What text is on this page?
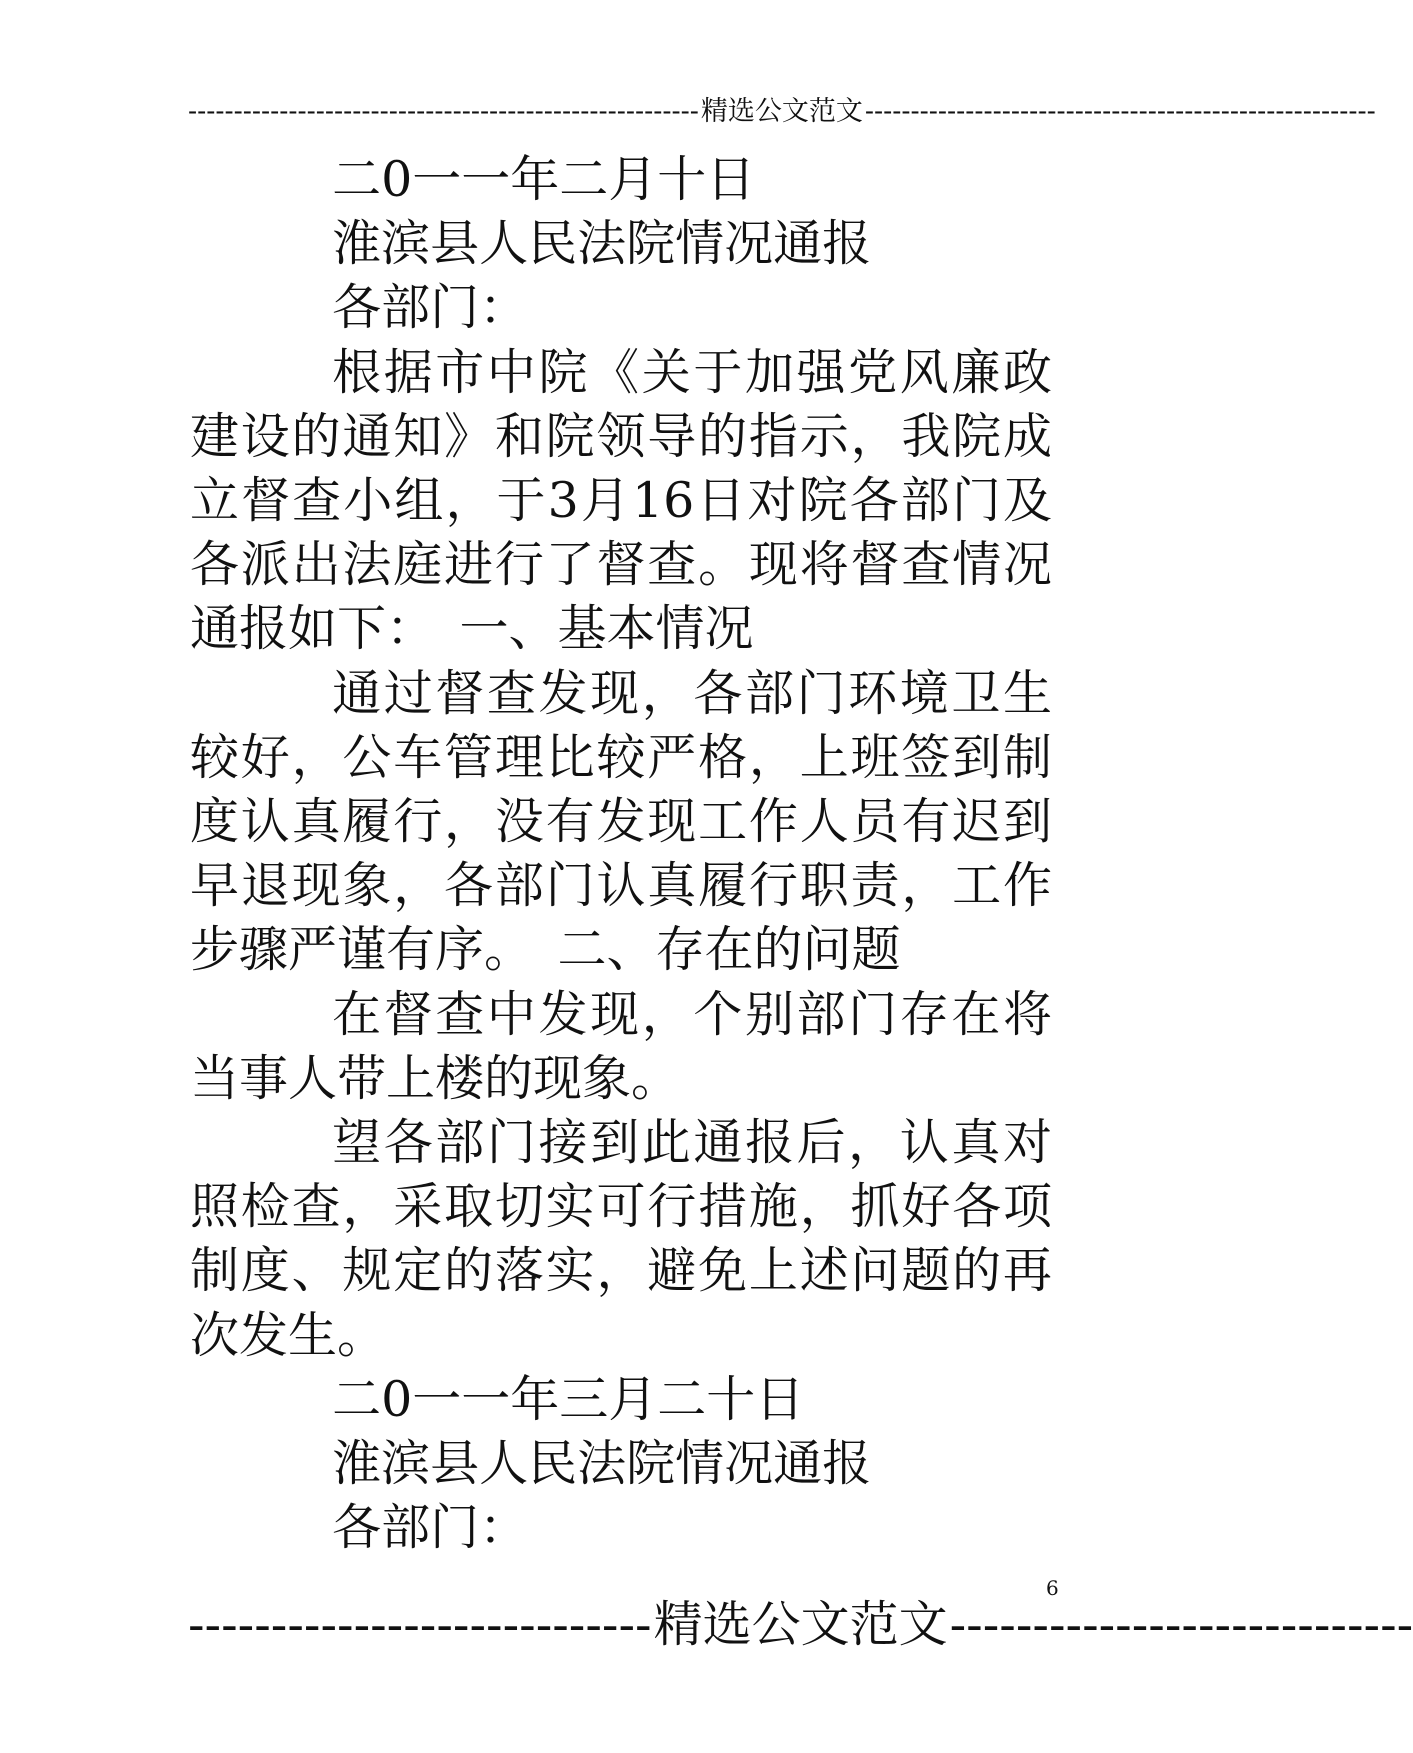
-------------------------------------------------------- 精选公文范文 --------------------------------------------------------

二0一一年二月十日

淮滨县人民法院情况通报

各部门：

根据市中院《关于加强党风廉政建设的通知》和院领导的指示，我院成立督查小组，于3月16日对院各部门及各派出法庭进行了督查。现将督查情况通报如下：　一、基本情况

通过督查发现，各部门环境卫生较好，公车管理比较严格，上班签到制度认真履行，没有发现工作人员有迟到早退现象，各部门认真履行职责，工作步骤严谨有序。　二、存在的问题

在督查中发现，个别部门存在将当事人带上楼的现象。

望各部门接到此通报后，认真对照检查，采取切实可行措施，抓好各项制度、规定的落实，避免上述问题的再次发生。

二0一一年三月二十日

淮滨县人民法院情况通报

各部门：

6
---------------------------- 精选公文范文 ----------------------------
